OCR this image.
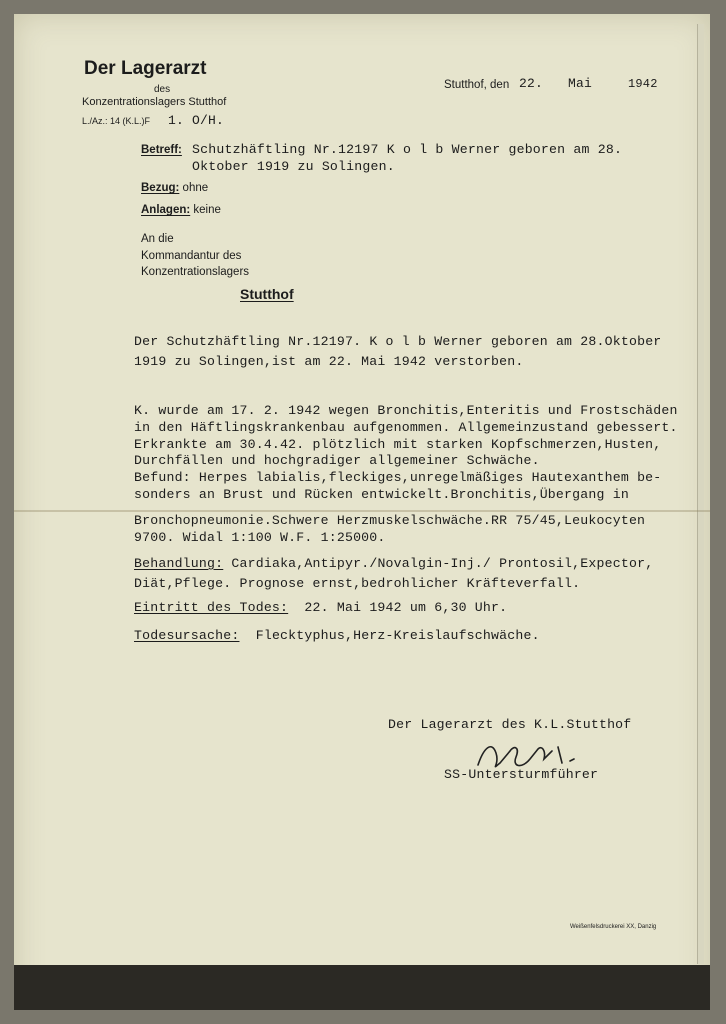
Der Lagerarzt
des
Konzentrationslagers Stutthof
L./Az.: 14 (K.L.)F 1. O/H.
Stutthof, den 22. Mai	1942
Betreff: Schutzhäftling Nr.12197 K o l b Werner geboren am 28.
Oktober 1919 zu Solingen.
Bezug: ohne
Anlagen: keine
An die
Kommandantur des
Konzentrationslagers
Stutthof
Der Schutzhäftling Nr.12197. K o l b Werner geboren am 28.Oktober
1919 zu Solingen,ist am 22. Mai 1942 verstorben.
K. wurde am 17. 2. 1942 wegen Bronchitis,Enteritis und Frostschäden
in den Häftlingskrankenbau aufgenommen. Allgemeinzustand gebessert.
Erkrankte am 30.4.42. plötzlich mit starken Kopfschmerzen,Husten,
Durchfällen und hochgradiger allgemeiner Schwäche.
Befund: Herpes labialis,fleckiges,unregelmäßiges Hautexanthem be-
sonders an Brust und Rücken entwickelt.Bronchitis,Übergang in
Bronchopneumonie.Schwere Herzmuskelschwäche.RR 75/45,Leukocyten
9700. Widal 1:100 W.F. 1:25000.
Behandlung: Cardiaka,Antipyr./Novalgin-Inj./ Prontosil,Expector,
Diät,Pflege. Prognose ernst,bedrohlicher Kräfteverfall.
Eintritt des Todes: 22. Mai 1942 um 6,30 Uhr.
Todesursache: Flecktyphus,Herz-Kreislaufschwäche.
Der Lagerarzt des K.L.Stutthof
SS-Untersturmführer
Weißenfelsdruckerei XX, Danzig
